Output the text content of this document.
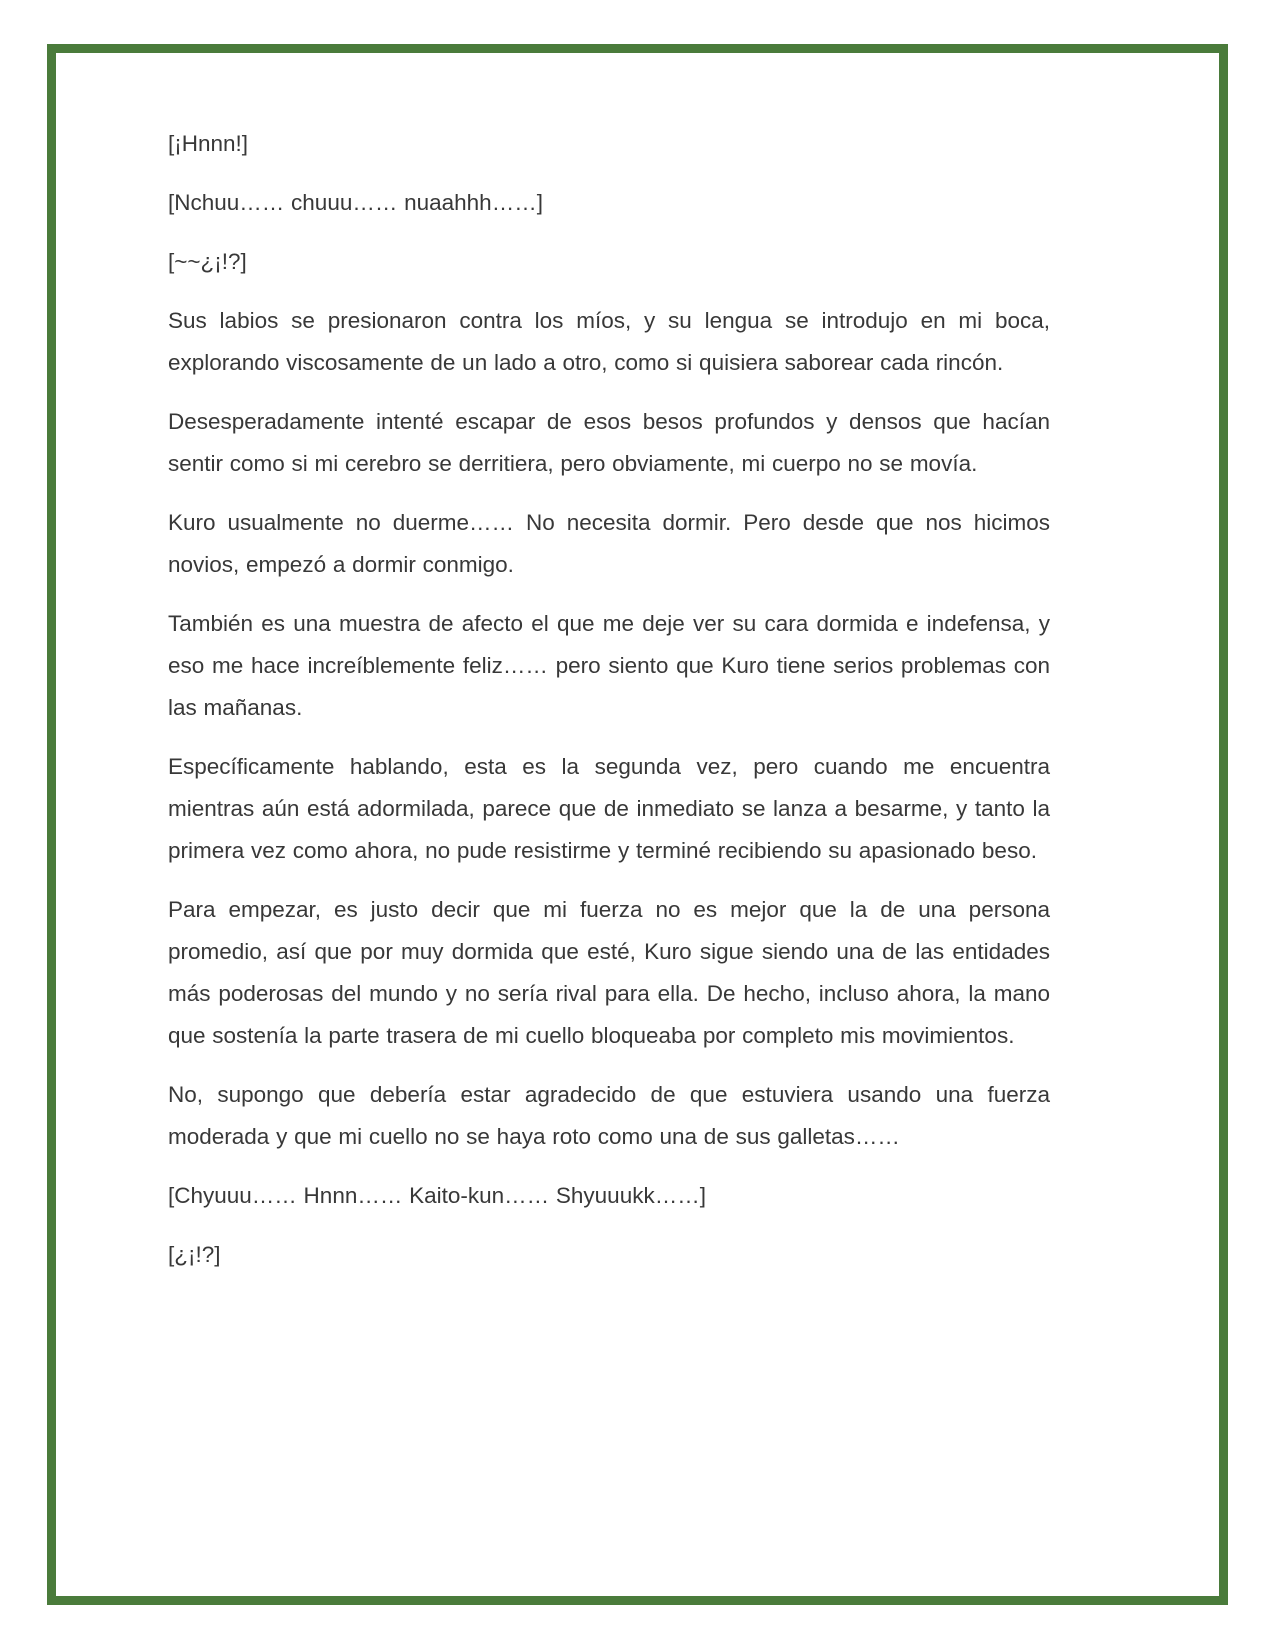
[¡Hnnn!]

[Nchuu…… chuuu…… nuaahhh……]

[~~¿¡!?]

Sus labios se presionaron contra los míos, y su lengua se introdujo en mi boca, explorando viscosamente de un lado a otro, como si quisiera saborear cada rincón.

Desesperadamente intenté escapar de esos besos profundos y densos que hacían sentir como si mi cerebro se derritiera, pero obviamente, mi cuerpo no se movía.

Kuro usualmente no duerme…… No necesita dormir. Pero desde que nos hicimos novios, empezó a dormir conmigo.

También es una muestra de afecto el que me deje ver su cara dormida e indefensa, y eso me hace increíblemente feliz…… pero siento que Kuro tiene serios problemas con las mañanas.

Específicamente hablando, esta es la segunda vez, pero cuando me encuentra mientras aún está adormilada, parece que de inmediato se lanza a besarme, y tanto la primera vez como ahora, no pude resistirme y terminé recibiendo su apasionado beso.

Para empezar, es justo decir que mi fuerza no es mejor que la de una persona promedio, así que por muy dormida que esté, Kuro sigue siendo una de las entidades más poderosas del mundo y no sería rival para ella. De hecho, incluso ahora, la mano que sostenía la parte trasera de mi cuello bloqueaba por completo mis movimientos.

No, supongo que debería estar agradecido de que estuviera usando una fuerza moderada y que mi cuello no se haya roto como una de sus galletas……

[Chyuuu…… Hnnn…… Kaito-kun…… Shyuuukk……]

[¿¡!?]
